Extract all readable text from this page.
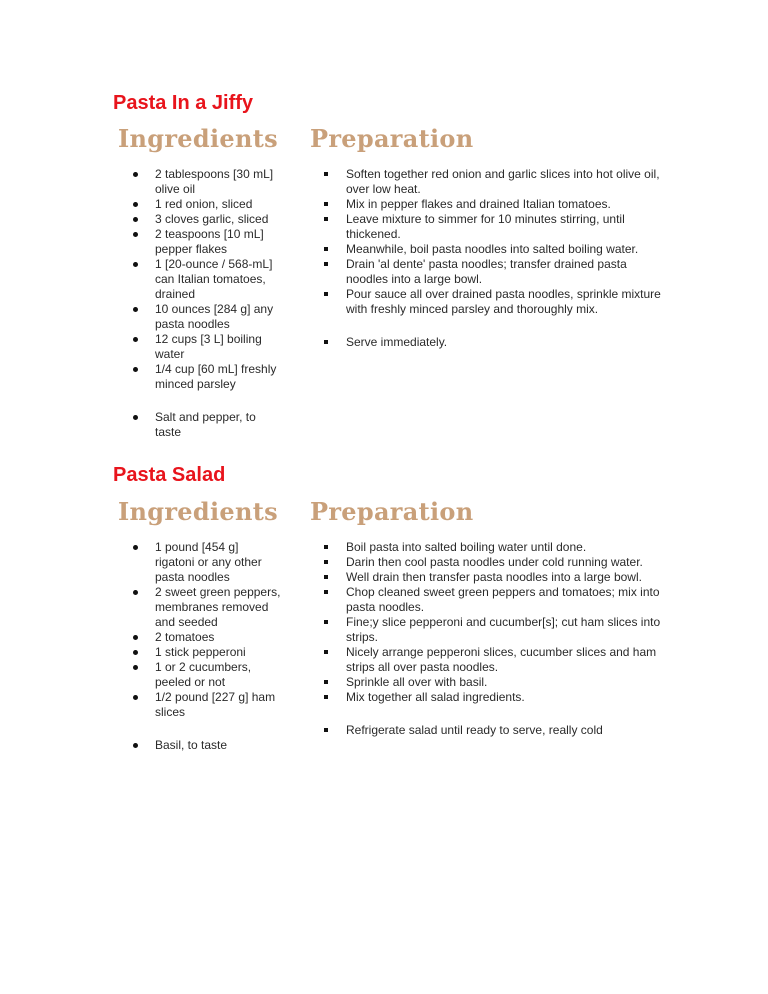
Pasta In a Jiffy
Ingredients Preparation
2 tablespoons [30 mL] olive oil
1 red onion, sliced
3 cloves garlic, sliced
2 teaspoons [10 mL] pepper flakes
1 [20-ounce / 568-mL] can Italian tomatoes, drained
10 ounces [284 g] any pasta noodles
12 cups [3 L] boiling water
1/4 cup [60 mL] freshly minced parsley
Salt and pepper, to taste
Soften together red onion and garlic slices into hot olive oil, over low heat.
Mix in pepper flakes and drained Italian tomatoes.
Leave mixture to simmer for 10 minutes stirring, until thickened.
Meanwhile, boil pasta noodles into salted boiling water.
Drain 'al dente' pasta noodles; transfer drained pasta noodles into a large bowl.
Pour sauce all over drained pasta noodles, sprinkle mixture with freshly minced parsley and thoroughly mix.
Serve immediately.
Pasta Salad
Ingredients Preparation
1 pound [454 g] rigatoni or any other pasta noodles
2 sweet green peppers, membranes removed and seeded
2 tomatoes
1 stick pepperoni
1 or 2 cucumbers, peeled or not
1/2 pound [227 g] ham slices
Basil, to taste
Boil pasta into salted boiling water until done.
Darin then cool pasta noodles under cold running water.
Well drain then transfer pasta noodles into a large bowl.
Chop cleaned sweet green peppers and tomatoes; mix into pasta noodles.
Fine;y slice pepperoni and cucumber[s]; cut ham slices into strips.
Nicely arrange pepperoni slices, cucumber slices and ham strips all over pasta noodles.
Sprinkle all over with basil.
Mix together all salad ingredients.
Refrigerate salad until ready to serve, really cold
